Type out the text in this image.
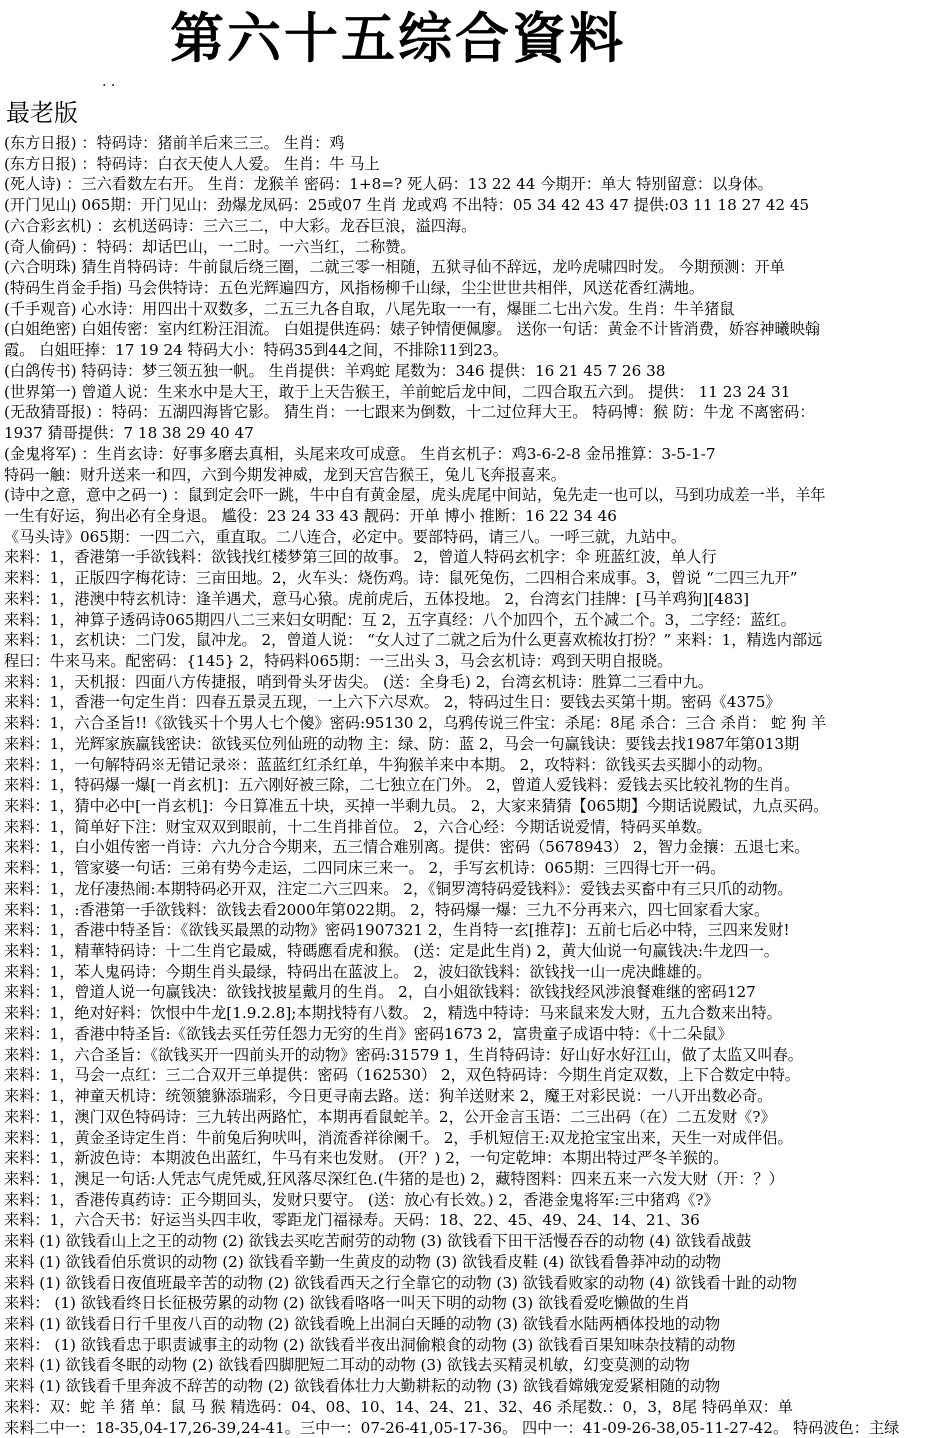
第六十五综合資料
. .
最老版
(东方日报) ：特码诗：猪前羊后来三三。 生肖：鸡
(东方日报) ：特码诗：白衣天使人人爱。 生肖：牛 马上
(死人诗) ：三六看数左右开。 生肖：龙猴羊 密码：1+8=? 死人码：13 22 44 今期开：单大 特别留意：以身体。
(开门见山) 065期：开门见山：劲爆龙凤码：25或07 生肖 龙或鸡 不出特：05 34 42 43 47 提供:03 11 18 27 42 45
(六合彩玄机) ：玄机送码诗：三六三二，中大彩。龙吞巨浪，溢四海。
(奇人偷码) ：特码：却话巴山，一二时。一六当红，二称赞。
(六合明珠) 猜生肖特码诗：牛前鼠后绕三圈，二就三零一相随，五狱寻仙不辞远，龙吟虎啸四时发。 今期预测：开单
(特码生肖金手指) 马会供特诗：五色光辉遍四方，风指杨柳千山绿，尘尘世世共相伴，风送花香红满地。
(千手观音) 心水诗：用四出十双数多，二五三九各自取，八尾先取一一有，爆匪二七出六发。生肖：牛羊猪鼠
(白姐绝密) 白姐传密：室内红粉汪泪流。 白姐提供连码：婊子钟情便佩廖。 送你一句话：黄金不计皆消费，娇容神曦映翰
霞。 白姐旺捧：17 19 24 特码大小：特码35到44之间，不排除11到23。
(白鸽传书) 特码诗：梦三领五独一帆。 生肖提供：羊鸡蛇 尾数为：346 提供：16 21 45 7 26 38
(世界第一) 曾道人说：生来水中是大王，敢于上天告猴王，羊前蛇后龙中间，二四合取五六到。 提供： 11 23 24 31
(无敌猜哥报) ：特码：五湖四海皆它影。 猜生肖：一七跟来为倒数，十二过位拜大王。 特码博：猴 防：牛龙 不离密码：
1937 猜哥提供：7 18 38 29 40 47
(金鬼将军) ：生肖玄诗：好事多磨去真相，头尾来攻可成意。 生肖玄机子：鸡3-6-2-8 金吊推算：3-5-1-7
特码一触：财升送来一和四，六到今期发神威，龙到天宫告猴王，兔儿飞奔报喜来。
(诗中之意，意中之码一) ：鼠到定会吓一跳，牛中自有黄金屋，虎头虎尾中间站，兔先走一也可以，马到功成差一半，羊年
一生有好运，狗出必有全身退。 尴役：23 24 33 43 靓码：开单 博小 推断：16 22 34 46
《马头诗》065期：一四二六，重直取。二八连合，必定中。要部特码，请三八。一呼三就，九站中。
来料：1，香港第一手欲钱料：欲钱找红楼梦第三回的故事。 2，曾道人特码玄机字：伞 班蓝红波，单人行
来料：1，正版四字梅花诗：三亩田地。2，火车头：烧伤鸡。诗：鼠死兔伤，二四相合来成事。3，曾说 “二四三九开”
来料：1，港澳中特玄机诗：逢羊遇犬，意马心猿。虎前虎后，五体投地。 2，台湾玄门挂牌：[马羊鸡狗][483]
来料：1，神算子透码诗065期四八二三来妇女明配：互 2，五字真经：八个加四个，五个减二个。3，二字经：蓝红。
来料：1，玄机诀：二门发，鼠冲龙。 2，曾道人说： “女人过了二就之后为什么更喜欢梳妆打扮？” 来料：1，精选内部远
程曰：牛来马来。配密码：{145} 2，特码料065期：一三出头 3，马会玄机诗：鸡到天明自报晓。
来料：1，天机报：四面八方传捷报，哨到骨头牙齿尖。 (送：全身毛) 2，台湾玄机诗：胜算二三看中九。
来料：1，香港一句定生肖：四春五景灵五现，一上六下六尽欢。 2，特码过生日：要钱去买第十期。密码《4375》
来料：1，六合圣旨!!《欲钱买十个男人七个傻》密码:95130 2，乌鸦传说三件宝：杀尾：8尾 杀合：三合 杀肖： 蛇 狗 羊
来料：1，光辉家族赢钱密诀：欲钱买位列仙班的动物 主：绿、防：蓝 2，马会一句赢钱诀：要钱去找1987年第013期
来料：1，一句解特码※无错记录※：蓝蓝红红杀红单，牛狗猴羊来中本期。 2，攻特料：欲钱买去买脚小的动物。
来料：1，特码爆一爆[一肖玄机]：五六刚好被三除，二七独立在门外。 2，曾道人爱钱料：爱钱去买比较礼物的生肖。
来料：1，猜中必中[一肖玄机]：今日算准五十块，买掉一半剩九员。 2，大家来猜猜【065期】今期话说殿试，九点买码。
来料：1，简单好下注：财宝双双到眼前，十二生肖排首位。 2，六合心经：今期话说爱情，特码买单数。
来料：1，白小姐传密一肖诗：六九分合今期来，五三情合难别离。提供：密码（5678943） 2，智力金攘：五退七来。
来料：1，管家婆一句话：三弟有势今走运，二四同床三来一。 2，手写玄机诗：065期：三四得七开一码。
来料：1，龙仔凄热闹:本期特码必开双，注定二六三四来。 2，《铜罗湾特码爱钱料》：爱钱去买畜中有三只爪的动物。
来料：1，:香港第一手欲钱料：欲钱去看2000年第022期。 2，特码爆一爆：三九不分再来六，四七回家看大家。
来料：1，香港中特圣旨：《欲钱买最黑的动物》密码1907321 2，生肖特一玄[推荐]：五前七后必中特，三四来发财!
来料：1，精華特码诗：十二生肖它最威，特碼應看虎和猴。 (送：定是此生肖) 2，黄大仙说一句赢钱决:牛龙四一。
来料：1，苯人鬼码诗：今期生肖头最绿，特码出在蓝波上。 2，波妇欲钱料：欲钱找一山一虎决雌雄的。
来料：1，曾道人说一句赢钱决：欲钱找披星戴月的生肖。 2，白小姐欲钱料：欲钱找经风涉浪餐难继的密码127
来料：1，绝对好料：饮恨中牛龙[1.9.2.8];本期找特有八数。 2，精选中特诗：马来鼠来发大财，五九合数来出特。
来料：1，香港中特圣旨:《欲钱去买任劳任怨力无穷的生肖》密码1673 2，富贵童子成语中特：《十二朵鼠》
来料：1，六合圣旨：《欲钱买开一四前头开的动物》密码:31579 1，生肖特码诗：好山好水好江山，做了太监又叫春。
来料：1，马会一点红：三二合双开三单提供：密码（162530） 2，双色特码诗：今期生肖定双数，上下合数定中特。
来料：1，神童天机诗：统领貔貅添瑞彩，今日更寻南去路。送：狗羊送财来 2，魔王对彩民说：一八开出数必奇。
来料：1，澳门双色特码诗：三九转出两路忙，本期再看鼠蛇羊。2，公开金言玉语：二三出码（在）二五发财《?》
来料：1，黄金圣诗定生肖：牛前兔后狗吠叫，消流香祥徐阑千。 2，手机短信王:双龙抢宝宝出来，天生一对成伴侣。
来料：1，新波色诗：本期波色出蓝红，牛马有来也发财。 (开？) 2，一句定乾坤：本期出特过严冬羊猴的。
来料：1，澳足一句话:人凭志气虎凭威,狂风落尽深红色.(牛猪的是也) 2，藏特图料：四来五来一六发大财（开：？）
来料：1，香港传真药诗：正今期回头，发财只要守。 (送：放心有长效。) 2，香港金鬼将军:三中猪鸡《?》
来料：1，六合天书：好运当头四丰收，零距龙门福禄寿。天码：18、22、45、49、24、14、21、36
来料 (1) 欲钱看山上之王的动物 (2) 欲钱去买吃苦耐劳的动物 (3) 欲钱看下田干活慢吞吞的动物 (4) 欲钱看战鼓
来料 (1) 欲钱看伯乐赏识的动物 (2) 欲钱看辛勤一生黄皮的动物 (3) 欲钱看皮鞋 (4) 欲钱看鲁莽冲动的动物
来料 (1) 欲钱看日夜值班最辛苦的动物 (2) 欲钱看西天之行全靠它的动物 (3) 欲钱看败家的动物 (4) 欲钱看十趾的动物
来料： (1) 欲钱看终日长征极劳累的动物 (2) 欲钱看咯咯一叫天下明的动物 (3) 欲钱看爱吃懒做的生肖
来料 (1) 欲钱看日行千里夜八百的动物 (2) 欲钱看晚上出洞白天睡的动物 (3) 欲钱看水陆两栖体投地的动物
来料： (1) 欲钱看忠于职责诚事主的动物 (2) 欲钱看半夜出洞偷粮食的动物 (3) 欲钱看百果知味杂技精的动物
来料 (1) 欲钱看冬眠的动物 (2) 欲钱看四脚肥短二耳动的动物 (3) 欲钱去买精灵机敏，幻变莫测的动物
来料 (1) 欲钱看千里奔波不辞苦的动物 (2) 欲钱看体壮力大勤耕耘的动物 (3) 欲钱看嫦娥宠爱紧相随的动物
来料：双：蛇 羊 猪 单：鼠 马 猴 精选码：04、08、10、14、24、21、32、46 杀尾数.：0，3，8尾 特码单双：单
来料二中一：18-35,04-17,26-39,24-41。三中一：07-26-41,05-17-36。 四中一：41-09-26-38,05-11-27-42。 特码波色：主绿
